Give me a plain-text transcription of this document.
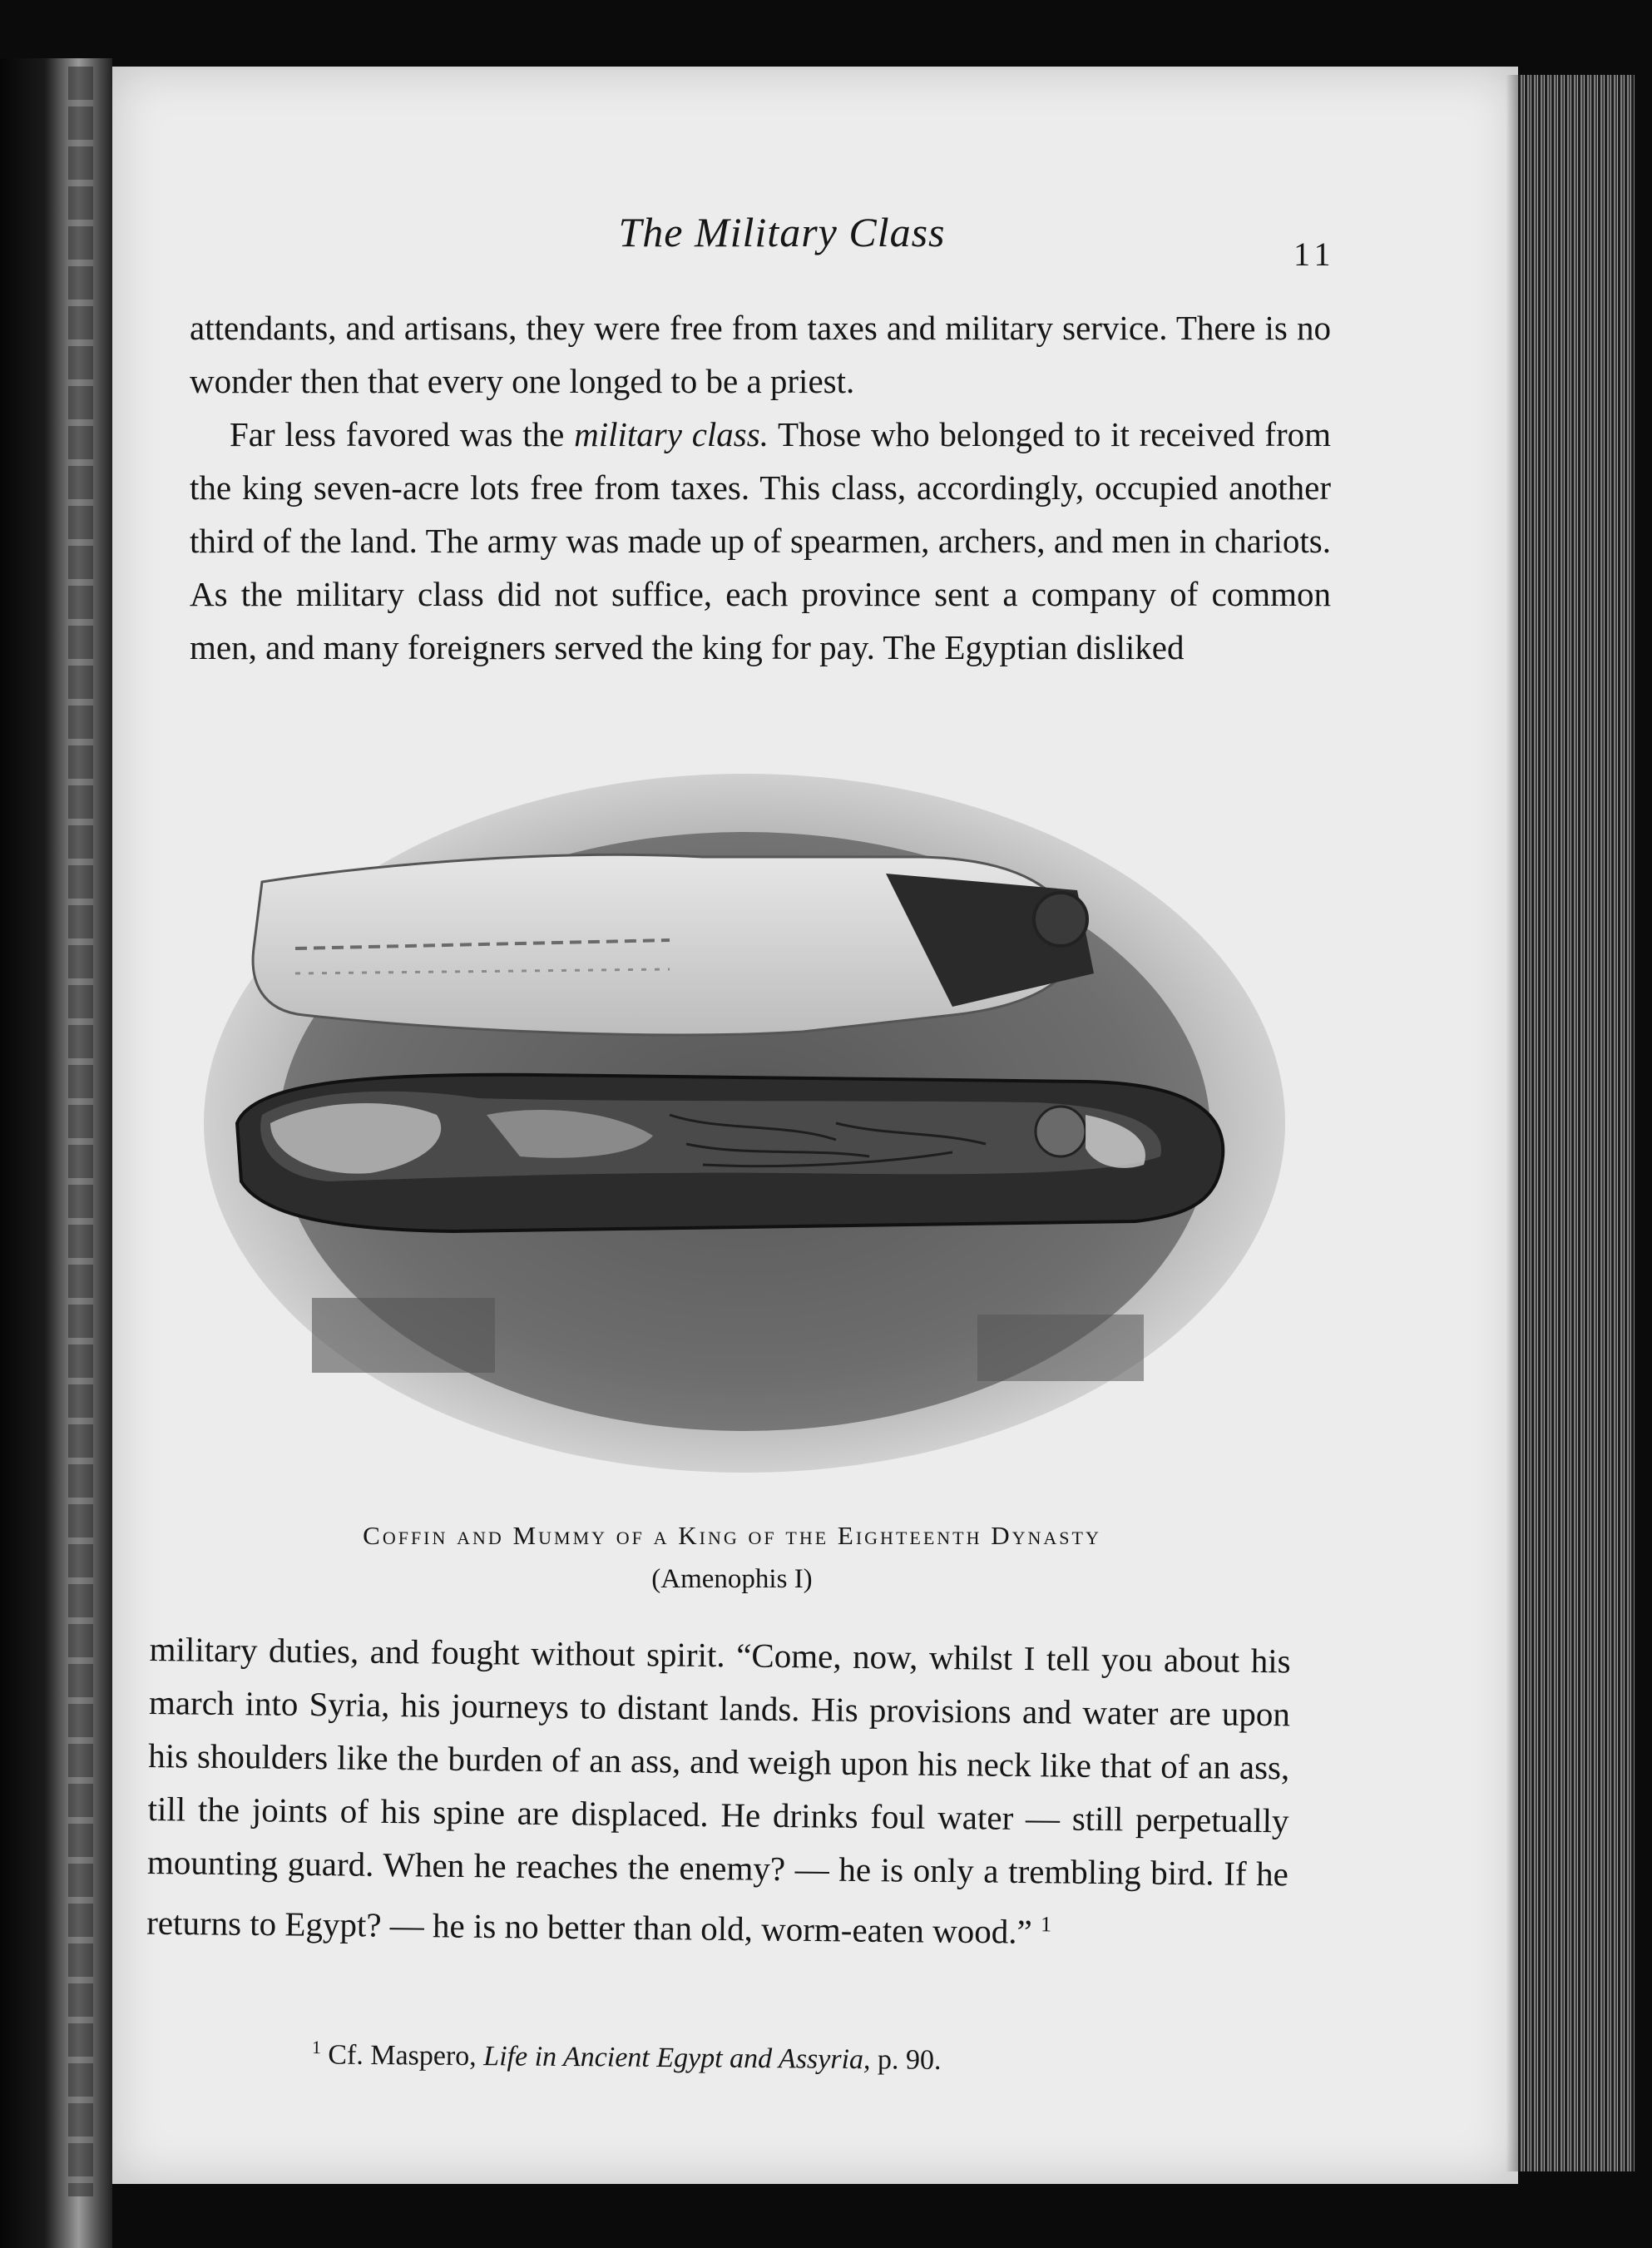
The Military Class	11

attendants, and artisans, they were free from taxes and military service. There is no wonder then that every one longed to be a priest.

Far less favored was the military class. Those who belonged to it received from the king seven-acre lots free from taxes. This class, accordingly, occupied another third of the land. The army was made up of spearmen, archers, and men in chariots. As the military class did not suffice, each province sent a company of common men, and many foreigners served the king for pay. The Egyptian disliked

Coffin and Mummy of a King of the Eighteenth Dynasty
(Amenophis I)

military duties, and fought without spirit. “Come, now, whilst I tell you about his march into Syria, his journeys to distant lands. His provisions and water are upon his shoulders like the burden of an ass, and weigh upon his neck like that of an ass, till the joints of his spine are displaced. He drinks foul water — still perpetually mounting guard. When he reaches the enemy? — he is only a trembling bird. If he returns to Egypt? — he is no better than old, worm-eaten wood.” $^1$

$^1$ Cf. Maspero, Life in Ancient Egypt and Assyria, p. 90.
